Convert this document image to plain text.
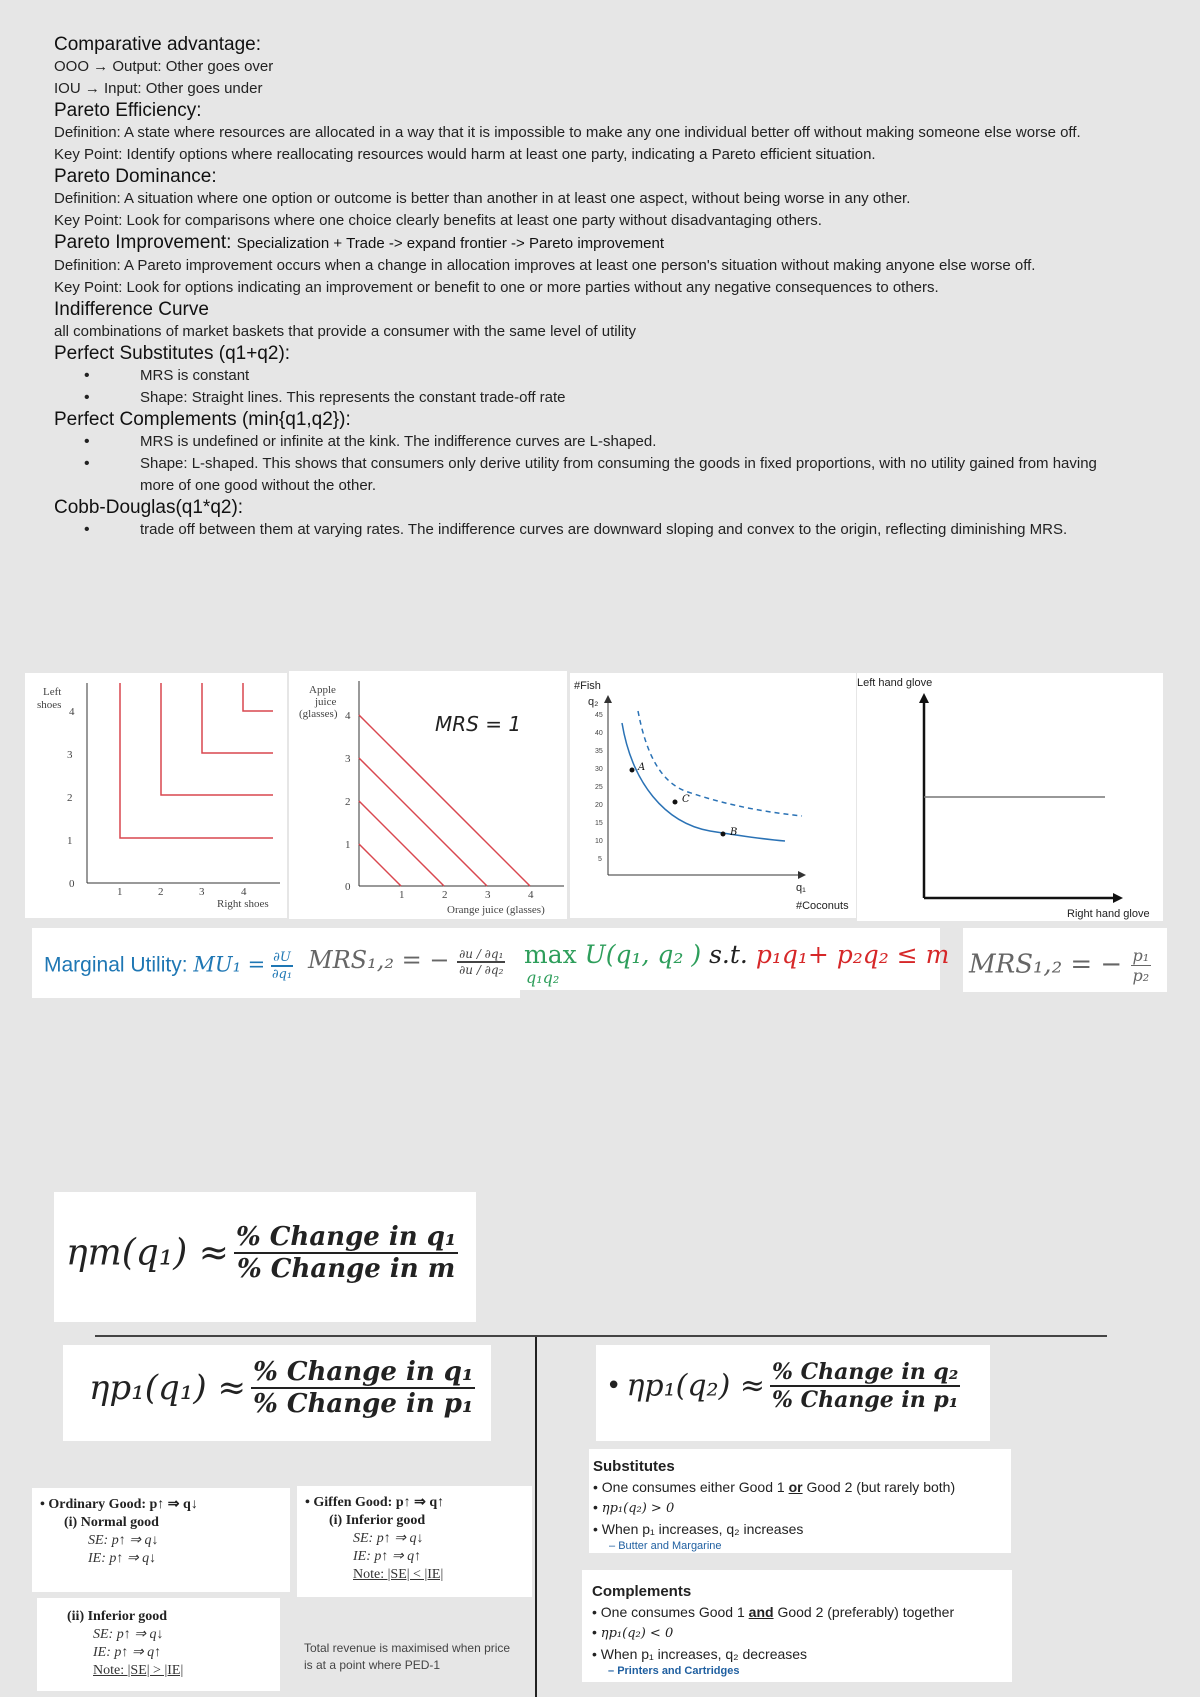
Comparative advantage:

OOO → Output: Other goes over

IOU → Input: Other goes under

Pareto Efficiency:

Definition: A state where resources are allocated in a way that it is impossible to make any one individual better off without making someone else worse off.

Key Point: Identify options where reallocating resources would harm at least one party, indicating a Pareto efficient situation.

Pareto Dominance:

Definition: A situation where one option or outcome is better than another in at least one aspect, without being worse in any other.

Key Point: Look for comparisons where one choice clearly benefits at least one party without disadvantaging others.

Pareto Improvement: Specialization + Trade -> expand frontier -> Pareto improvement

Definition: A Pareto improvement occurs when a change in allocation improves at least one person's situation without making anyone else worse off.

Key Point: Look for options indicating an improvement or benefit to one or more parties without any negative consequences to others.

Indifference Curve

all combinations of market baskets that provide a consumer with the same level of utility

Perfect Substitutes (q1+q2):

• MRS is constant

• Shape: Straight lines. This represents the constant trade-off rate

Perfect Complements (min{q1,q2}):

• MRS is undefined or infinite at the kink. The indifference curves are L-shaped.

• Shape: L-shaped. This shows that consumers only derive utility from consuming the goods in fixed proportions, with no utility gained from having more of one good without the other.

Cobb-Douglas(q1*q2):

• trade off between them at varying rates. The indifference curves are downward sloping and convex to the origin, reflecting diminishing MRS.

Left
shoes
0
1
2
3
4
1	2	3	4
Right shoes
Apple
juice
(glasses)
0
1
2
3
4
1	2	3	4
Orange juice (glasses)
MRS = 1
#Fish
q₂
5
10
15
20
25
30
35
40
45
q₁
#Coconuts
A
B
C
Left hand glove
Right hand glove
Marginal Utility: $MU_1 = \frac{\partial U}{\text{∂q₁}} MRS_1,_2$ = − $\frac{\text{∂u / ∂q₁}}{\text{∂u / ∂q₂}}$ max U(q₁, q₂ ) s.t. p₁q₁+ p₂q₂ ≤ m
q₁q₂	MRS₁,₂ = − $\frac{\text{p₁}}{\text{p₂}}$
$\eta m(q_1) \approx \frac{\text{\% Change in q₁}}{\text{\% Change in m}}$
$\eta p_1(q_1) \approx \frac{\text{\% Change in q₁}}{\text{\% Change in p₁}}$	• $\eta p_1(q_2) \approx \frac{\text{\% Change in q₂}}{\text{\% Change in p₁}}$
Substitutes
• One consumes either Good 1 or Good 2 (but rarely both)
• ηp₁(q₂) > 0
• When p₁ increases, q₂ increases
– Butter and Margarine
Complements
• One consumes Good 1 and Good 2 (preferably) together
• ηp₁(q₂) < 0
• When p₁ increases, q₂ decreases
– Printers and Cartridges
• Ordinary Good: p↑ ⇒ q↓
(i) Normal good
SE: p↑ ⇒ q↓
IE: p↑ ⇒ q↓
• Giffen Good: p↑ ⇒ q↑
(i) Inferior good
SE: p↑ ⇒ q↓
IE: p↑ ⇒ q↑
Note: |SE| < |IE|
(ii) Inferior good
SE: p↑ ⇒ q↓
IE: p↑ ⇒ q↑
Note: |SE| > |IE|
Total revenue is maximised when price
is at a point where PED-1
